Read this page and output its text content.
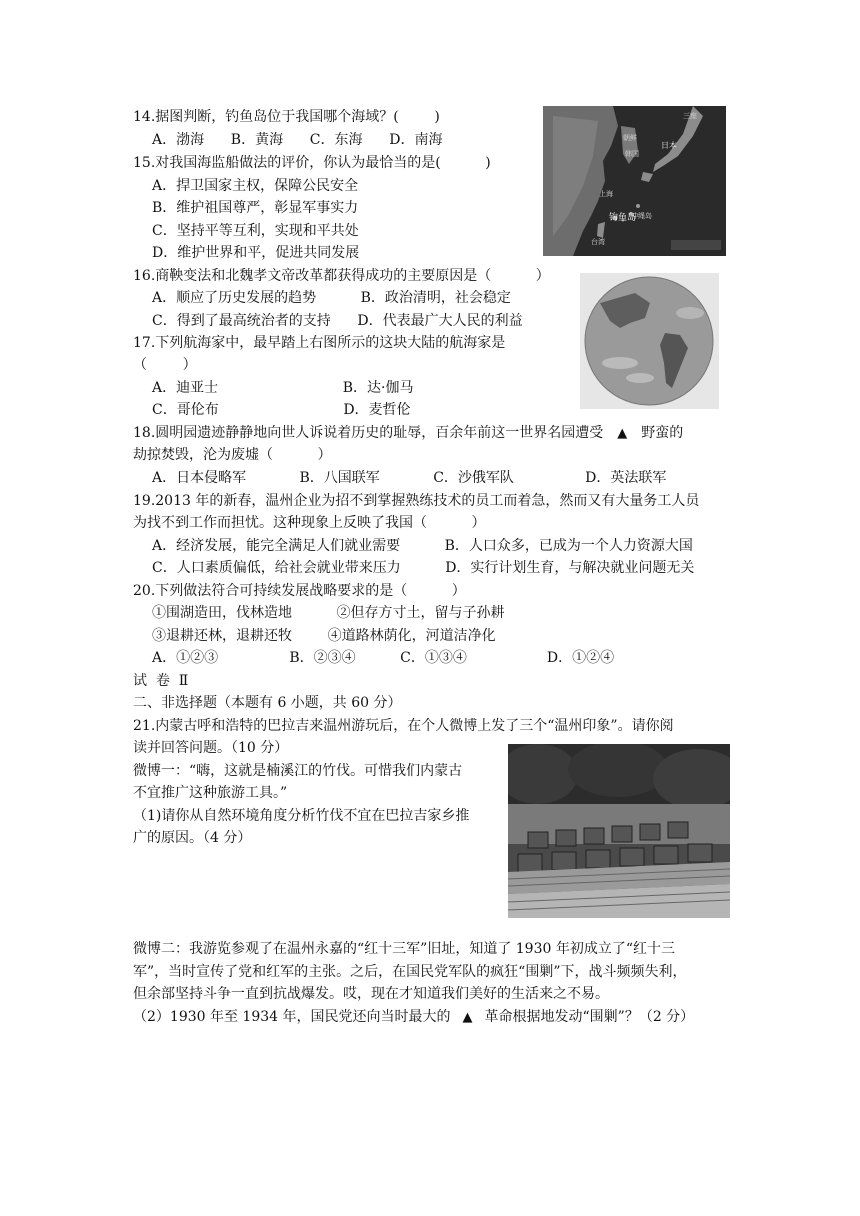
14.据图判断，钓鱼岛位于我国哪个海域？(        )
A．渤海      B．黄海      C．东海      D．南海
15.对我国海监船做法的评价，你认为最恰当的是(          )
A．捍卫国家主权，保障公民安全
B．维护祖国尊严，彰显军事实力
C．坚持平等互利，实现和平共处
D．维护世界和平，促进共同发展
三座
日本
朝鲜
韩国
上海
钓鱼岛
冲绳岛
台湾
16.商鞅变法和北魏孝文帝改革都获得成功的主要原因是（          ）
A．顺应了历史发展的趋势          B．政治清明，社会稳定
C．得到了最高统治者的支持      D．代表最广大人民的利益
17.下列航海家中，最早踏上右图所示的这块大陆的航海家是
（        ）
A．迪亚士                            B．达·伽马
C．哥伦布                            D．麦哲伦
18.圆明园遗迹静静地向世人诉说着历史的耻辱，百余年前这一世界名园遭受 ▲ 野蛮的
劫掠焚毁，沦为废墟（          ）
A．日本侵略军            B．八国联军            C．沙俄军队                D．英法联军
19.2013 年的新春，温州企业为招不到掌握熟练技术的员工而着急，然而又有大量务工人员
为找不到工作而担忧。这种现象上反映了我国（          ）
A．经济发展，能完全满足人们就业需要          B．人口众多，已成为一个人力资源大国
C．人口素质偏低，给社会就业带来压力          D．实行计划生育，与解决就业问题无关
20.下列做法符合可持续发展战略要求的是（          ）
①围湖造田，伐林造地          ②但存方寸土，留与子孙耕
③退耕还林，退耕还牧        ④道路林荫化，河道洁净化
A．①②③                B．②③④          C．①③④                  D．①②④
试  卷  Ⅱ
二、非选择题（本题有 6 小题，共 60 分）
21.内蒙古呼和浩特的巴拉吉来温州游玩后，在个人微博上发了三个“温州印象”。请你阅
读并回答问题。（10 分）
微博一：“嗨，这就是楠溪江的竹伐。可惜我们内蒙古
不宜推广这种旅游工具。”
（1)请你从自然环境角度分析竹伐不宜在巴拉吉家乡推
广的原因。（4 分）
微博二：我游览参观了在温州永嘉的“红十三军”旧址，知道了 1930 年初成立了“红十三
军”，当时宣传了党和红军的主张。之后，在国民党军队的疯狂“围剿”下，战斗频频失利，
但余部坚持斗争一直到抗战爆发。哎，现在才知道我们美好的生活来之不易。
（2）1930 年至 1934 年，国民党还向当时最大的 ▲ 革命根据地发动“围剿”？（2 分）
